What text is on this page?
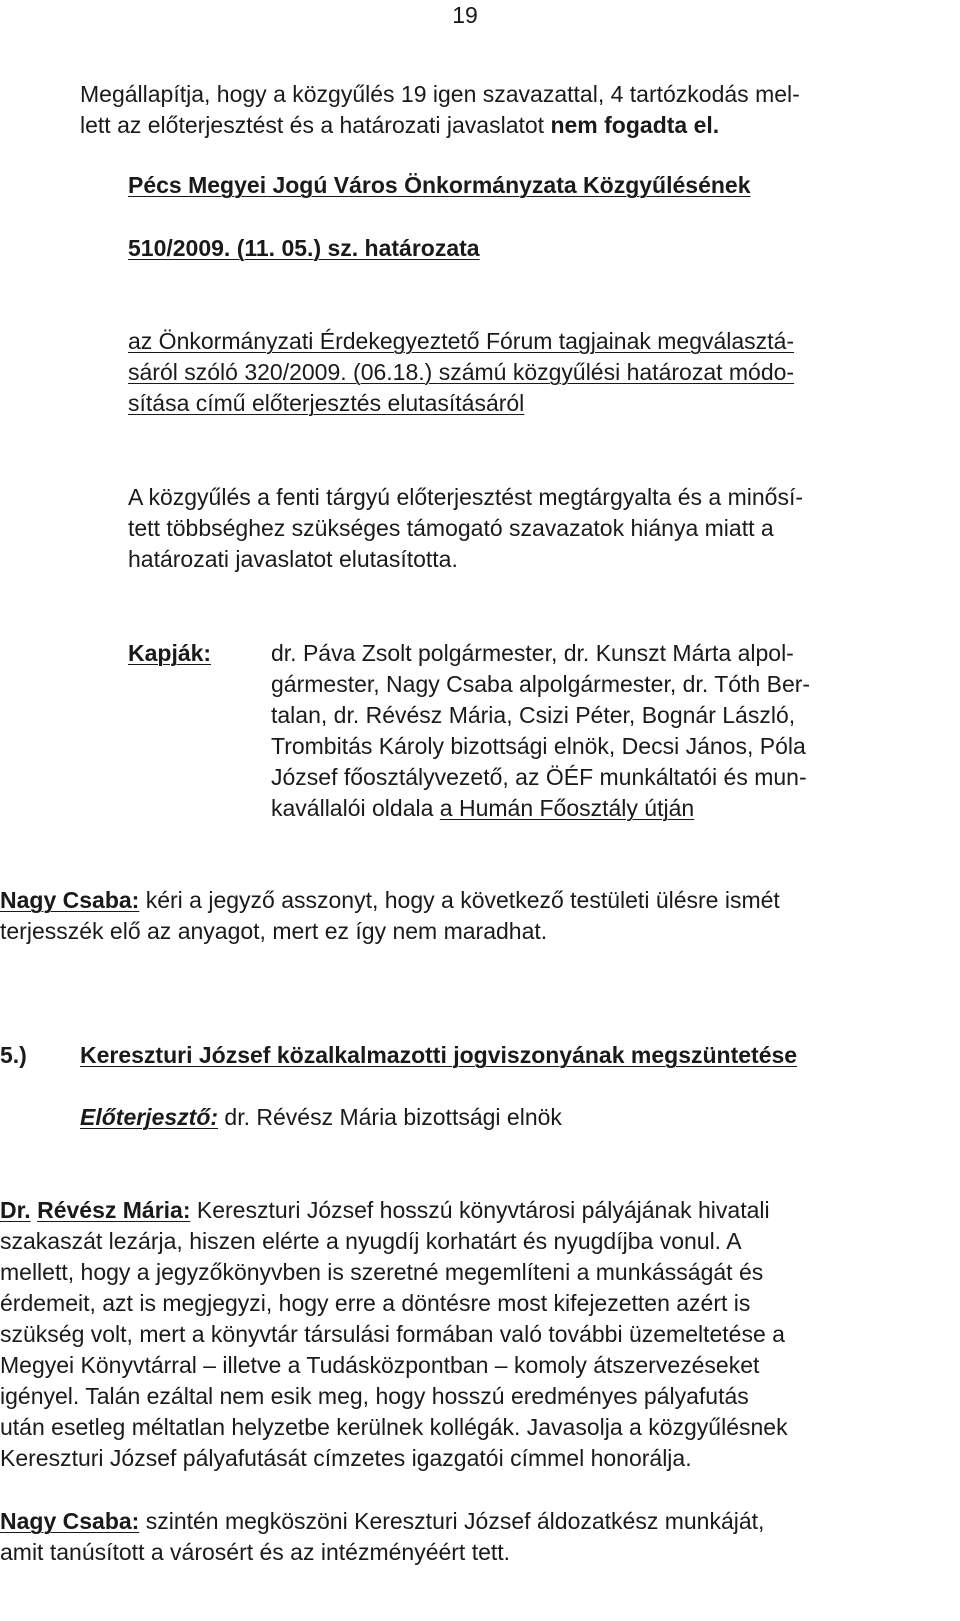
19

Megállapítja, hogy a közgyűlés 19 igen szavazattal, 4 tartózkodás mel-

lett az előterjesztést és a határozati javaslatot nem fogadta el.

Pécs Megyei Jogú Város Önkormányzata Közgyűlésének
510/2009. (11. 05.) sz. határozata

az Önkormányzati Érdekegyeztető Fórum tagjainak megválasztá-

sáról szóló 320/2009. (06.18.) számú közgyűlési határozat módo-

sítása című előterjesztés elutasításáról

A közgyűlés a fenti tárgyú előterjesztést megtárgyalta és a minősí-

tett többséghez szükséges támogató szavazatok hiánya miatt a

határozati javaslatot elutasította.

Kapják:	dr. Páva Zsolt polgármester, dr. Kunszt Márta alpol-

gármester, Nagy Csaba alpolgármester, dr. Tóth Ber-

talan, dr. Révész Mária, Csizi Péter, Bognár László,

Trombitás Károly bizottsági elnök, Decsi János, Póla

József főosztályvezető, az ÖÉF munkáltatói és mun-

kavállalói oldala a Humán Főosztály útján

Nagy Csaba: kéri a jegyző asszonyt, hogy a következő testületi ülésre ismét

terjesszék elő az anyagot, mert ez így nem maradhat.

5.) Kereszturi József közalkalmazotti jogviszonyának megszüntetése
Előterjesztő: dr. Révész Mária bizottsági elnök

Dr. Révész Mária: Kereszturi József hosszú könyvtárosi pályájának hivatali

szakaszát lezárja, hiszen elérte a nyugdíj korhatárt és nyugdíjba vonul. A

mellett, hogy a jegyzőkönyvben is szeretné megemlíteni a munkásságát és

érdemeit, azt is megjegyzi, hogy erre a döntésre most kifejezetten azért is

szükség volt, mert a könyvtár társulási formában való további üzemeltetése a

Megyei Könyvtárral – illetve a Tudásközpontban – komoly átszervezéseket

igényel. Talán ezáltal nem esik meg, hogy hosszú eredményes pályafutás

után esetleg méltatlan helyzetbe kerülnek kollégák. Javasolja a közgyűlésnek

Kereszturi József pályafutását címzetes igazgatói címmel honorálja.

Nagy Csaba: szintén megköszöni Kereszturi József áldozatkész munkáját,

amit tanúsított a városért és az intézményéért tett.
